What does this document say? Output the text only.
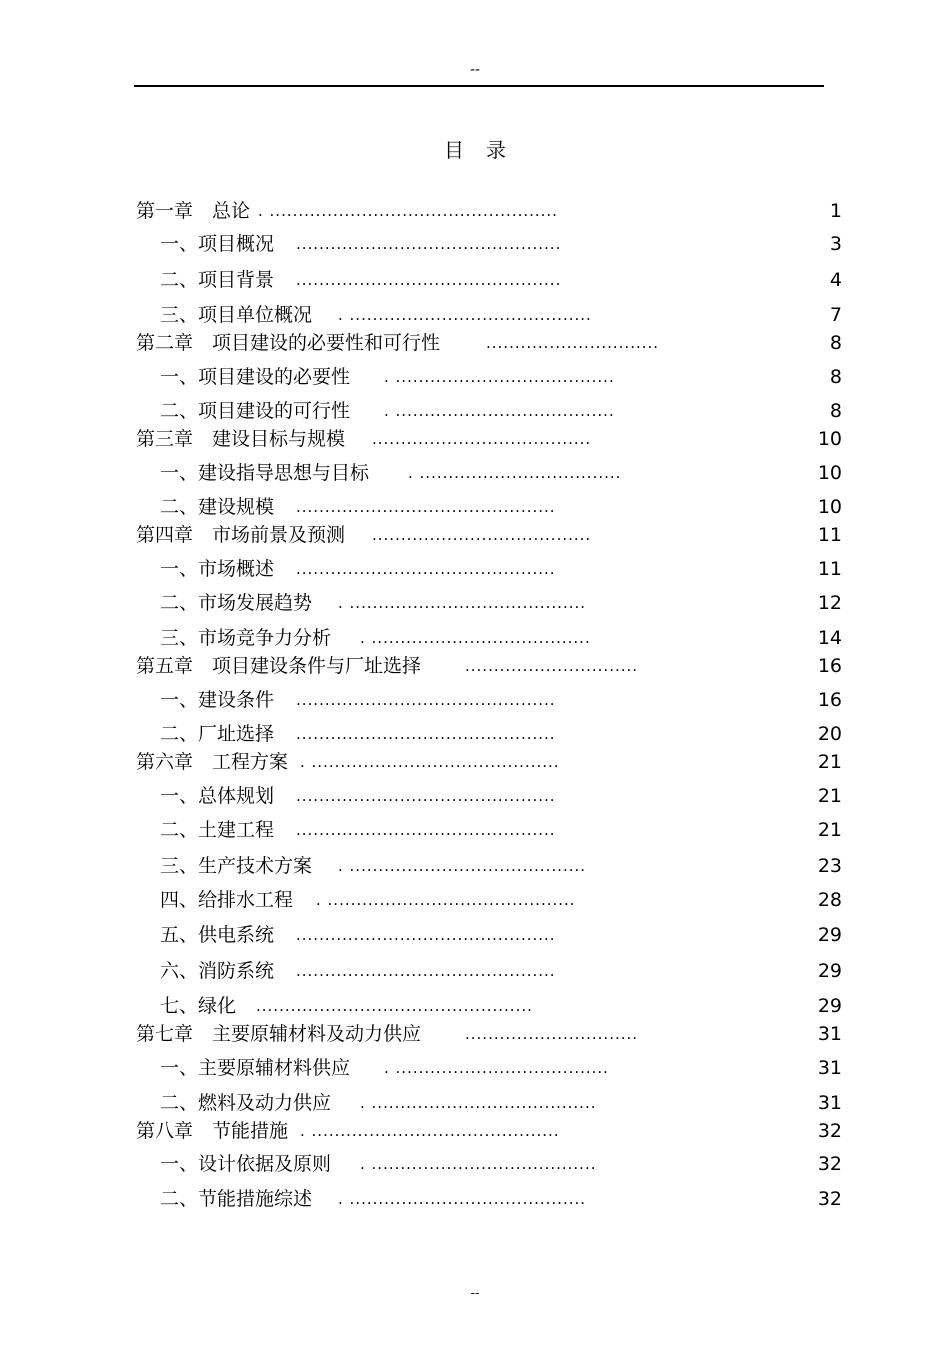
--
目录
第一章　总论 . ..................................................	1
一、项目概况 ..............................................	3
二、项目背景 ..............................................	4
三、项目单位概况 . ..........................................	7
第二章　项目建设的必要性和可行性	..............................	8
一、项目建设的必要性 . ......................................	8
二、项目建设的可行性 . ......................................	8
第三章　建设目标与规模 ......................................	10
一、建设指导思想与目标	. ...................................	10
二、建设规模 .............................................	10
第四章　市场前景及预测 ......................................	11
一、市场概述 .............................................	11
二、市场发展趋势 . .........................................	12
三、市场竞争力分析 . ......................................	14
第五章　项目建设条件与厂址选择	..............................	16
一、建设条件 .............................................	16
二、厂址选择 .............................................	20
第六章　工程方案 . ...........................................	21
一、总体规划 .............................................	21
二、土建工程 .............................................	21
三、生产技术方案 . .........................................	23
四、给排水工程 . ...........................................	28
五、供电系统 .............................................	29
六、消防系统 .............................................	29
七、绿化 ................................................	29
第七章　主要原辅材料及动力供应	..............................	31
一、主要原辅材料供应 . .....................................	31
二、燃料及动力供应 . .......................................	31
第八章　节能措施 . ...........................................	32
一、设计依据及原则 . .......................................	32
二、节能措施综述 . .........................................	32
--
